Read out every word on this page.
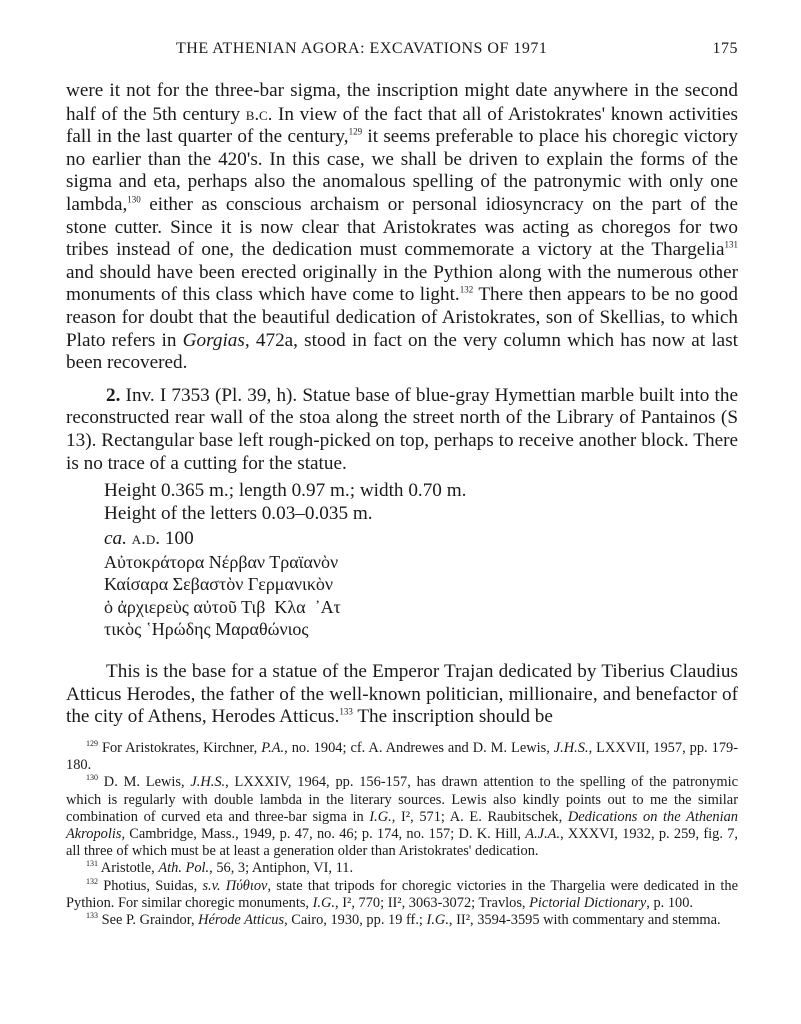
THE ATHENIAN AGORA: EXCAVATIONS OF 1971	175

were it not for the three-bar sigma, the inscription might date anywhere in the second half of the 5th century b.c. In view of the fact that all of Aristokrates' known activities fall in the last quarter of the century,$^{129}$ it seems preferable to place his choregic victory no earlier than the 420's. In this case, we shall be driven to explain the forms of the sigma and eta, perhaps also the anomalous spelling of the patronymic with only one lambda,$^{130}$ either as conscious archaism or personal idiosyncracy on the part of the stone cutter. Since it is now clear that Aristokrates was acting as choregos for two tribes instead of one, the dedication must commemorate a victory at the Thargelia$^{131}$ and should have been erected originally in the Pythion along with the numerous other monuments of this class which have come to light.$^{132}$ There then appears to be no good reason for doubt that the beautiful dedication of Aristokrates, son of Skellias, to which Plato refers in Gorgias, 472a, stood in fact on the very column which has now at last been recovered.

2. Inv. I 7353 (Pl. 39, h). Statue base of blue-gray Hymettian marble built into the reconstructed rear wall of the stoa along the street north of the Library of Pantainos (S 13). Rectangular base left rough-picked on top, perhaps to receive another block. There is no trace of a cutting for the statue.

Height 0.365 m.; length 0.97 m.; width 0.70 m.
Height of the letters 0.03–0.035 m.
ca. a.d. 100
Αὐτοκράτορα Νέρβαν Τραϊανὸν
Καίσαρα Σεβαστὸν Γερμανικὸν
ὁ ἀρχιερεὺς αὐτοῦ Τιβ  Κλα  ᾿Ατ
τικὸς ῾Ηρώδης Μαραθώνιος

This is the base for a statue of the Emperor Trajan dedicated by Tiberius Claudius Atticus Herodes, the father of the well-known politician, millionaire, and benefactor of the city of Athens, Herodes Atticus.$^{133}$ The inscription should be

$^{129}$ For Aristokrates, Kirchner, P.A., no. 1904; cf. A. Andrewes and D. M. Lewis, J.H.S., LXXVII, 1957, pp. 179-180.

$^{130}$ D. M. Lewis, J.H.S., LXXXIV, 1964, pp. 156-157, has drawn attention to the spelling of the patronymic which is regularly with double lambda in the literary sources. Lewis also kindly points out to me the similar combination of curved eta and three-bar sigma in I.G., I², 571; A. E. Raubitschek, Dedications on the Athenian Akropolis, Cambridge, Mass., 1949, p. 47, no. 46; p. 174, no. 157; D. K. Hill, A.J.A., XXXVI, 1932, p. 259, fig. 7, all three of which must be at least a generation older than Aristokrates' dedication.

$^{131}$ Aristotle, Ath. Pol., 56, 3; Antiphon, VI, 11.

$^{132}$ Photius, Suidas, s.v. Πύθιον, state that tripods for choregic victories in the Thargelia were dedicated in the Pythion. For similar choregic monuments, I.G., I², 770; II², 3063-3072; Travlos, Pictorial Dictionary, p. 100.

$^{133}$ See P. Graindor, Hérode Atticus, Cairo, 1930, pp. 19 ff.; I.G., II², 3594-3595 with commentary and stemma.
